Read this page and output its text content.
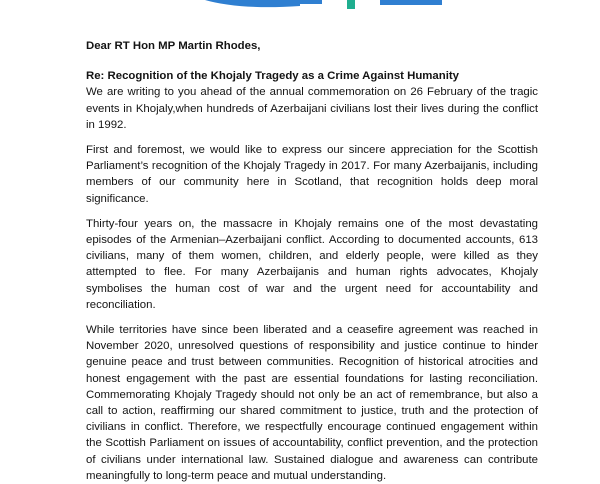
Dear RT Hon MP Martin Rhodes,

Re: Recognition of the Khojaly Tragedy as a Crime Against Humanity

We are writing to you ahead of the annual commemoration on 26 February of the tragic events in Khojaly,when hundreds of Azerbaijani civilians lost their lives during the conflict in 1992.

First and foremost, we would like to express our sincere appreciation for the Scottish Parliament’s recognition of the Khojaly Tragedy in 2017. For many Azerbaijanis, including members of our community here in Scotland, that recognition holds deep moral significance.

Thirty-four years on, the massacre in Khojaly remains one of the most devastating episodes of the Armenian–Azerbaijani conflict. According to documented accounts, 613 civilians, many of them women, children, and elderly people, were killed as they attempted to flee. For many Azerbaijanis and human rights advocates, Khojaly symbolises the human cost of war and the urgent need for accountability and reconciliation.

While territories have since been liberated and a ceasefire agreement was reached in November 2020, unresolved questions of responsibility and justice continue to hinder genuine peace and trust between communities. Recognition of historical atrocities and honest engagement with the past are essential foundations for lasting reconciliation. Commemorating Khojaly Tragedy should not only be an act of remembrance, but also a call to action, reaffirming our shared commitment to justice, truth and the protection of civilians in conflict. Therefore, we respectfully encourage continued engagement within the Scottish Parliament on issues of accountability, conflict prevention, and the protection of civilians under international law. Sustained dialogue and awareness can contribute meaningfully to long-term peace and mutual understanding.
